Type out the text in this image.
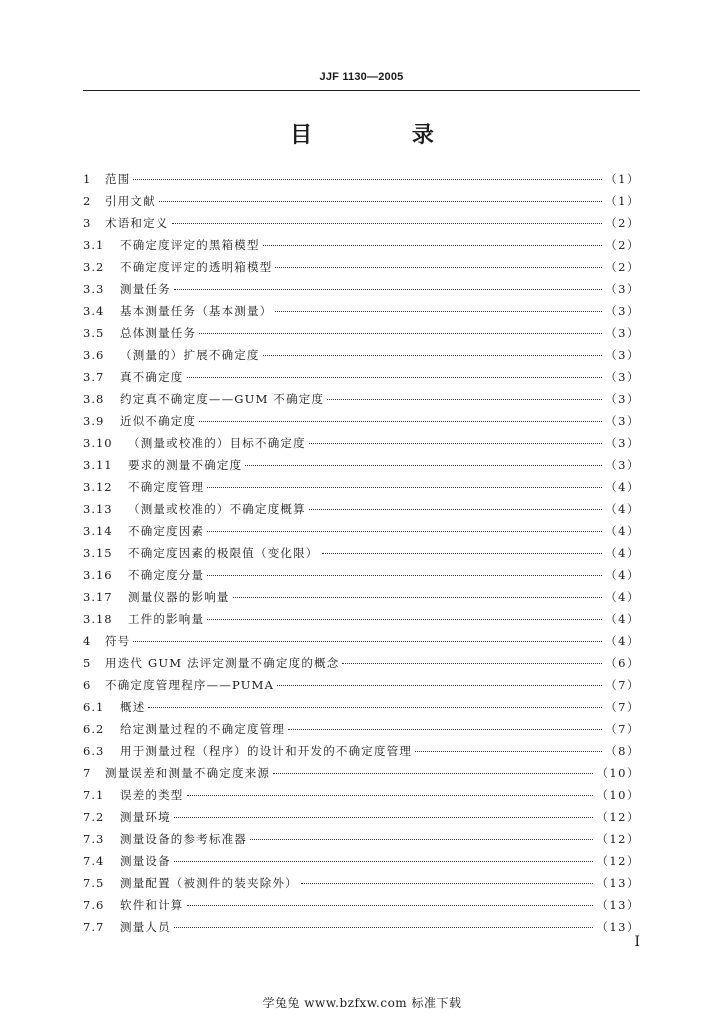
JJF 1130—2005
目 录
1	范围	（1）
2	引用文献	（1）
3	术语和定义	（2）
3.1	不确定度评定的黑箱模型	（2）
3.2	不确定度评定的透明箱模型	（2）
3.3	测量任务	（3）
3.4	基本测量任务（基本测量）	（3）
3.5	总体测量任务	（3）
3.6	（测量的）扩展不确定度	（3）
3.7	真不确定度	（3）
3.8	约定真不确定度——GUM 不确定度	（3）
3.9	近似不确定度	（3）
3.10	（测量或校准的）目标不确定度	（3）
3.11	要求的测量不确定度	（3）
3.12	不确定度管理	（4）
3.13	（测量或校准的）不确定度概算	（4）
3.14	不确定度因素	（4）
3.15	不确定度因素的极限值（变化限）	（4）
3.16	不确定度分量	（4）
3.17	测量仪器的影响量	（4）
3.18	工件的影响量	（4）
4	符号	（4）
5	用迭代 GUM 法评定测量不确定度的概念	（6）
6	不确定度管理程序——PUMA	（7）
6.1	概述	（7）
6.2	给定测量过程的不确定度管理	（7）
6.3	用于测量过程（程序）的设计和开发的不确定度管理	（8）
7	测量误差和测量不确定度来源	（10）
7.1	误差的类型	（10）
7.2	测量环境	（12）
7.3	测量设备的参考标准器	（12）
7.4	测量设备	（12）
7.5	测量配置（被测件的装夹除外）	（13）
7.6	软件和计算	（13）
7.7	测量人员	（13）
I
学兔兔 www.bzfxw.com 标准下载
